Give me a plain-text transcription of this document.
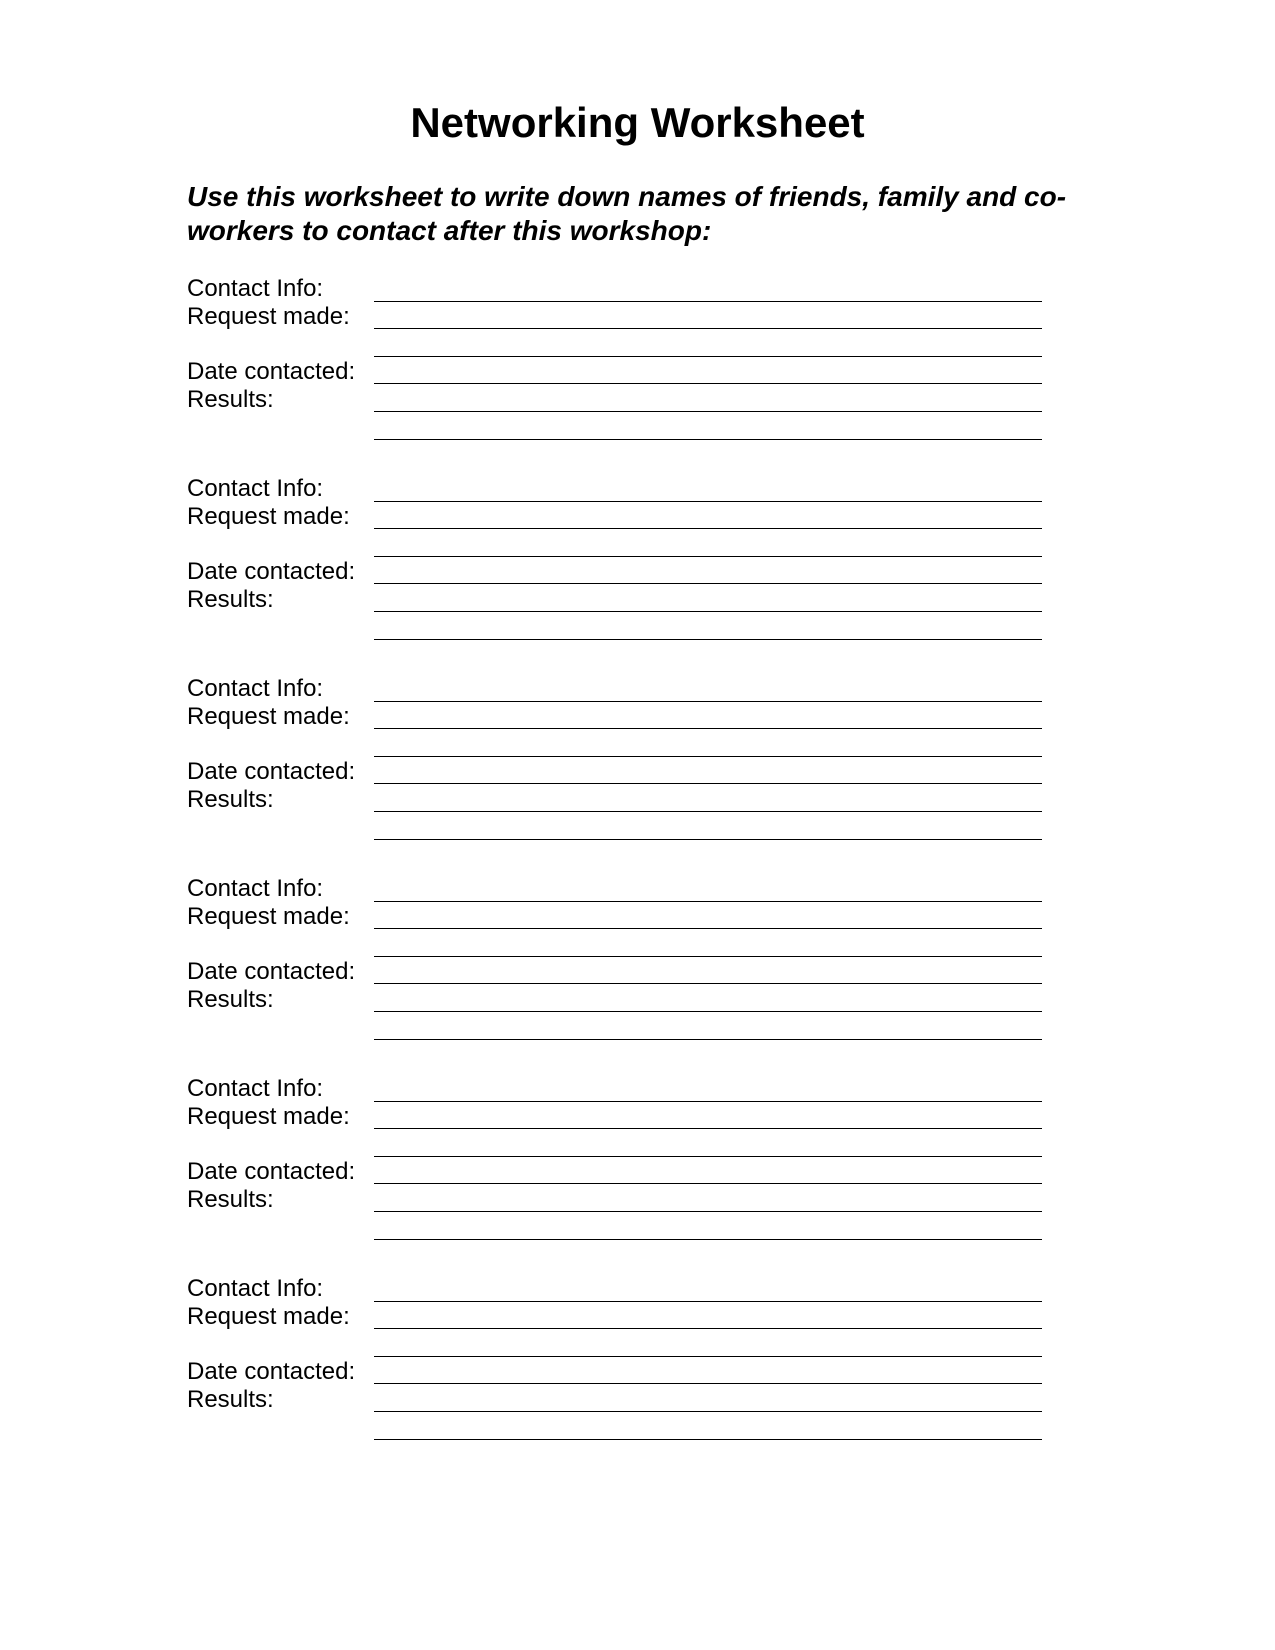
Networking Worksheet

Use this worksheet to write down names of friends, family and co-workers to contact after this workshop:

Contact Info:
Request made:
Date contacted:
Results:
Contact Info:
Request made:
Date contacted:
Results:
Contact Info:
Request made:
Date contacted:
Results:
Contact Info:
Request made:
Date contacted:
Results:
Contact Info:
Request made:
Date contacted:
Results:
Contact Info:
Request made:
Date contacted:
Results:
